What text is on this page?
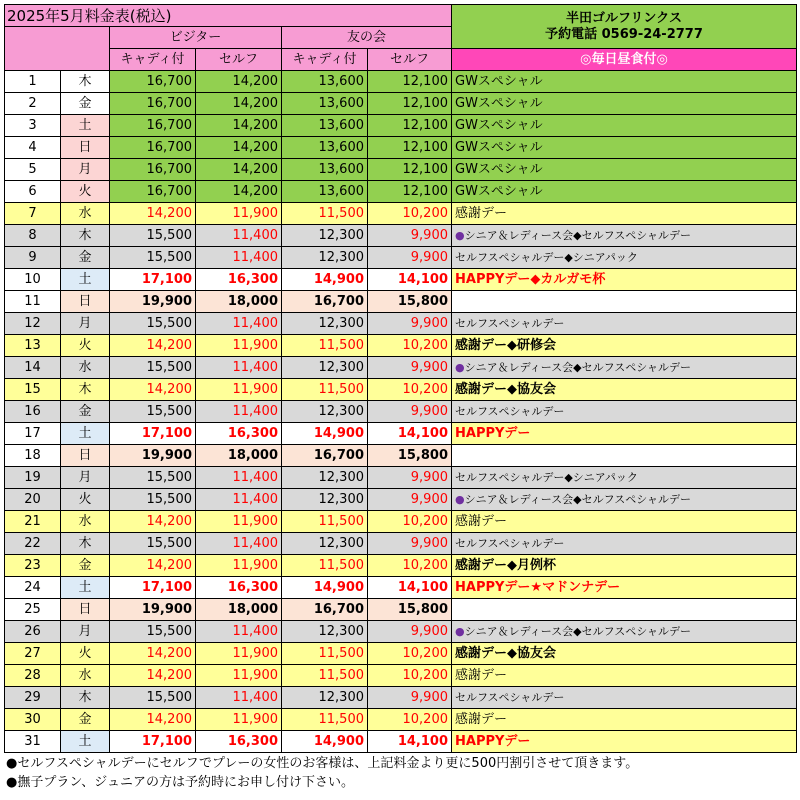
2025年5月料金表(税込)						半田ゴルフリンクス
予約電話 0569-24-2777

		ビジター		友の会		
		キャディ付	セルフ	キャディ付	セルフ	◎毎日昼食付◎
1	木	16,700	14,200	13,600	12,100	GWスペシャル
2	金	16,700	14,200	13,600	12,100	GWスペシャル
3	土	16,700	14,200	13,600	12,100	GWスペシャル
4	日	16,700	14,200	13,600	12,100	GWスペシャル
5	月	16,700	14,200	13,600	12,100	GWスペシャル
6	火	16,700	14,200	13,600	12,100	GWスペシャル
7	水	14,200	11,900	11,500	10,200	感謝デー
8	木	15,500	11,400	12,300	9,900	●シニア＆レディース会◆セルフスペシャルデー
9	金	15,500	11,400	12,300	9,900	セルフスペシャルデー◆シニアパック
10	土	17,100	16,300	14,900	14,100	HAPPYデー◆カルガモ杯
11	日	19,900	18,000	16,700	15,800	
12	月	15,500	11,400	12,300	9,900	セルフスペシャルデー
13	火	14,200	11,900	11,500	10,200	感謝デー◆研修会
14	水	15,500	11,400	12,300	9,900	●シニア＆レディース会◆セルフスペシャルデー
15	木	14,200	11,900	11,500	10,200	感謝デー◆協友会
16	金	15,500	11,400	12,300	9,900	セルフスペシャルデー
17	土	17,100	16,300	14,900	14,100	HAPPYデー
18	日	19,900	18,000	16,700	15,800	
19	月	15,500	11,400	12,300	9,900	セルフスペシャルデー◆シニアパック
20	火	15,500	11,400	12,300	9,900	●シニア＆レディース会◆セルフスペシャルデー
21	水	14,200	11,900	11,500	10,200	感謝デー
22	木	15,500	11,400	12,300	9,900	セルフスペシャルデー
23	金	14,200	11,900	11,500	10,200	感謝デー◆月例杯
24	土	17,100	16,300	14,900	14,100	HAPPYデー★マドンナデー
25	日	19,900	18,000	16,700	15,800	
26	月	15,500	11,400	12,300	9,900	●シニア＆レディース会◆セルフスペシャルデー
27	火	14,200	11,900	11,500	10,200	感謝デー◆協友会
28	水	14,200	11,900	11,500	10,200	感謝デー
29	木	15,500	11,400	12,300	9,900	セルフスペシャルデー
30	金	14,200	11,900	11,500	10,200	感謝デー
31	土	17,100	16,300	14,900	14,100	HAPPYデー
●セルフスペシャルデーにセルフでプレーの女性のお客様は、上記料金より更に500円割引させて頂きます。
●撫子プラン、ジュニアの方は予約時にお申し付け下さい。
